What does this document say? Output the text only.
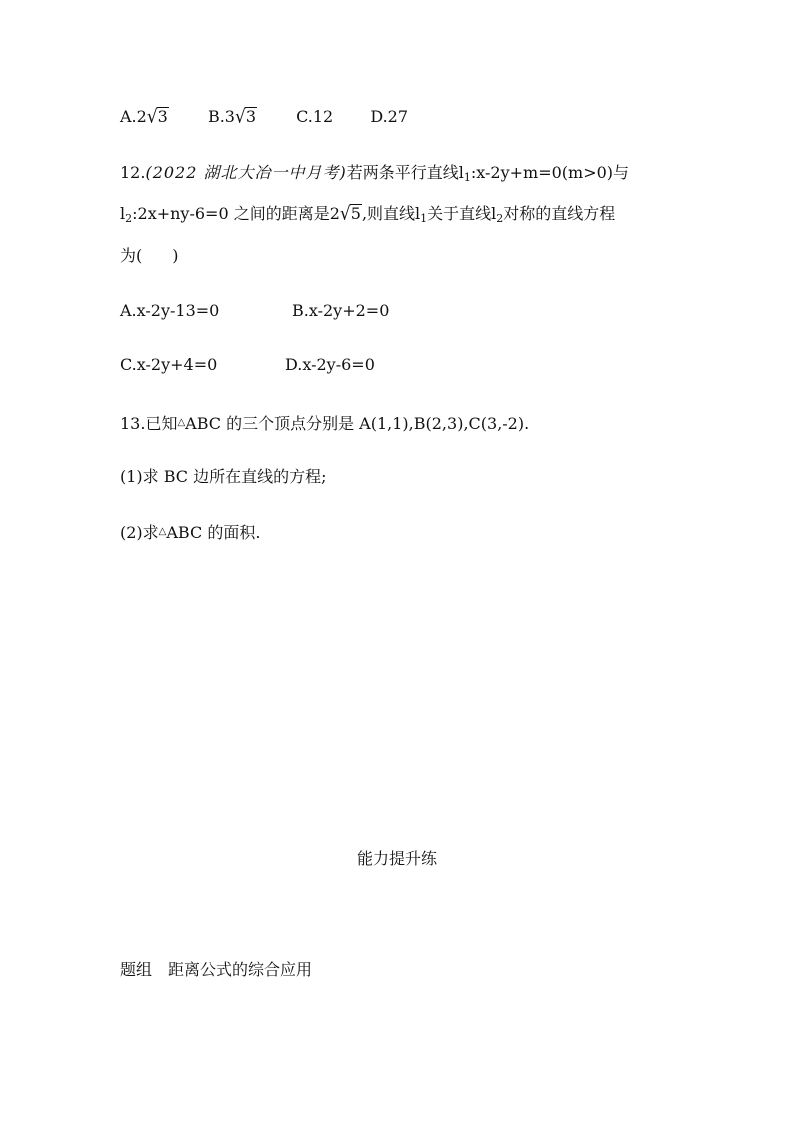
A.2√3	B.3√3	C.12 D.27
12.(2022 湖北大冶一中月考)若两条平行直线$l_1:x-2y+m=0(m>0)$与
$l_2:2x+ny-6=0$ 之间的距离是2√5,则直线$l_1$关于直线$l_2$对称的直线方程
为( )
A.x-2y-13=0	B.x-2y+2=0
C.x-2y+4=0	D.x-2y-6=0
13.已知△ABC 的三个顶点分别是 A(1,1),B(2,3),C(3,-2).
(1)求 BC 边所在直线的方程;
(2)求△ABC 的面积.
能力提升练
题组　距离公式的综合应用
